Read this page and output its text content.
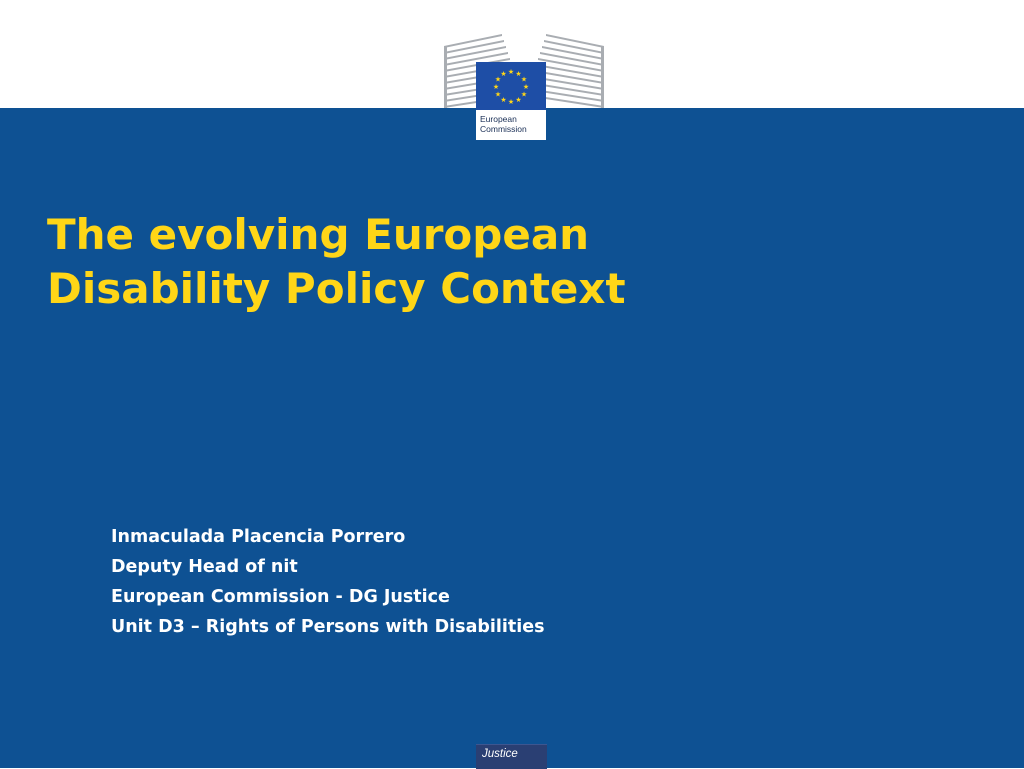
★ ★
★
★
★
★
★
★
★
★
★
★
European
Commission
The evolving European
Disability Policy Context
Inmaculada Placencia Porrero
Deputy Head of nit
European Commission - DG Justice
Unit D3 – Rights of Persons with Disabilities
Justice
